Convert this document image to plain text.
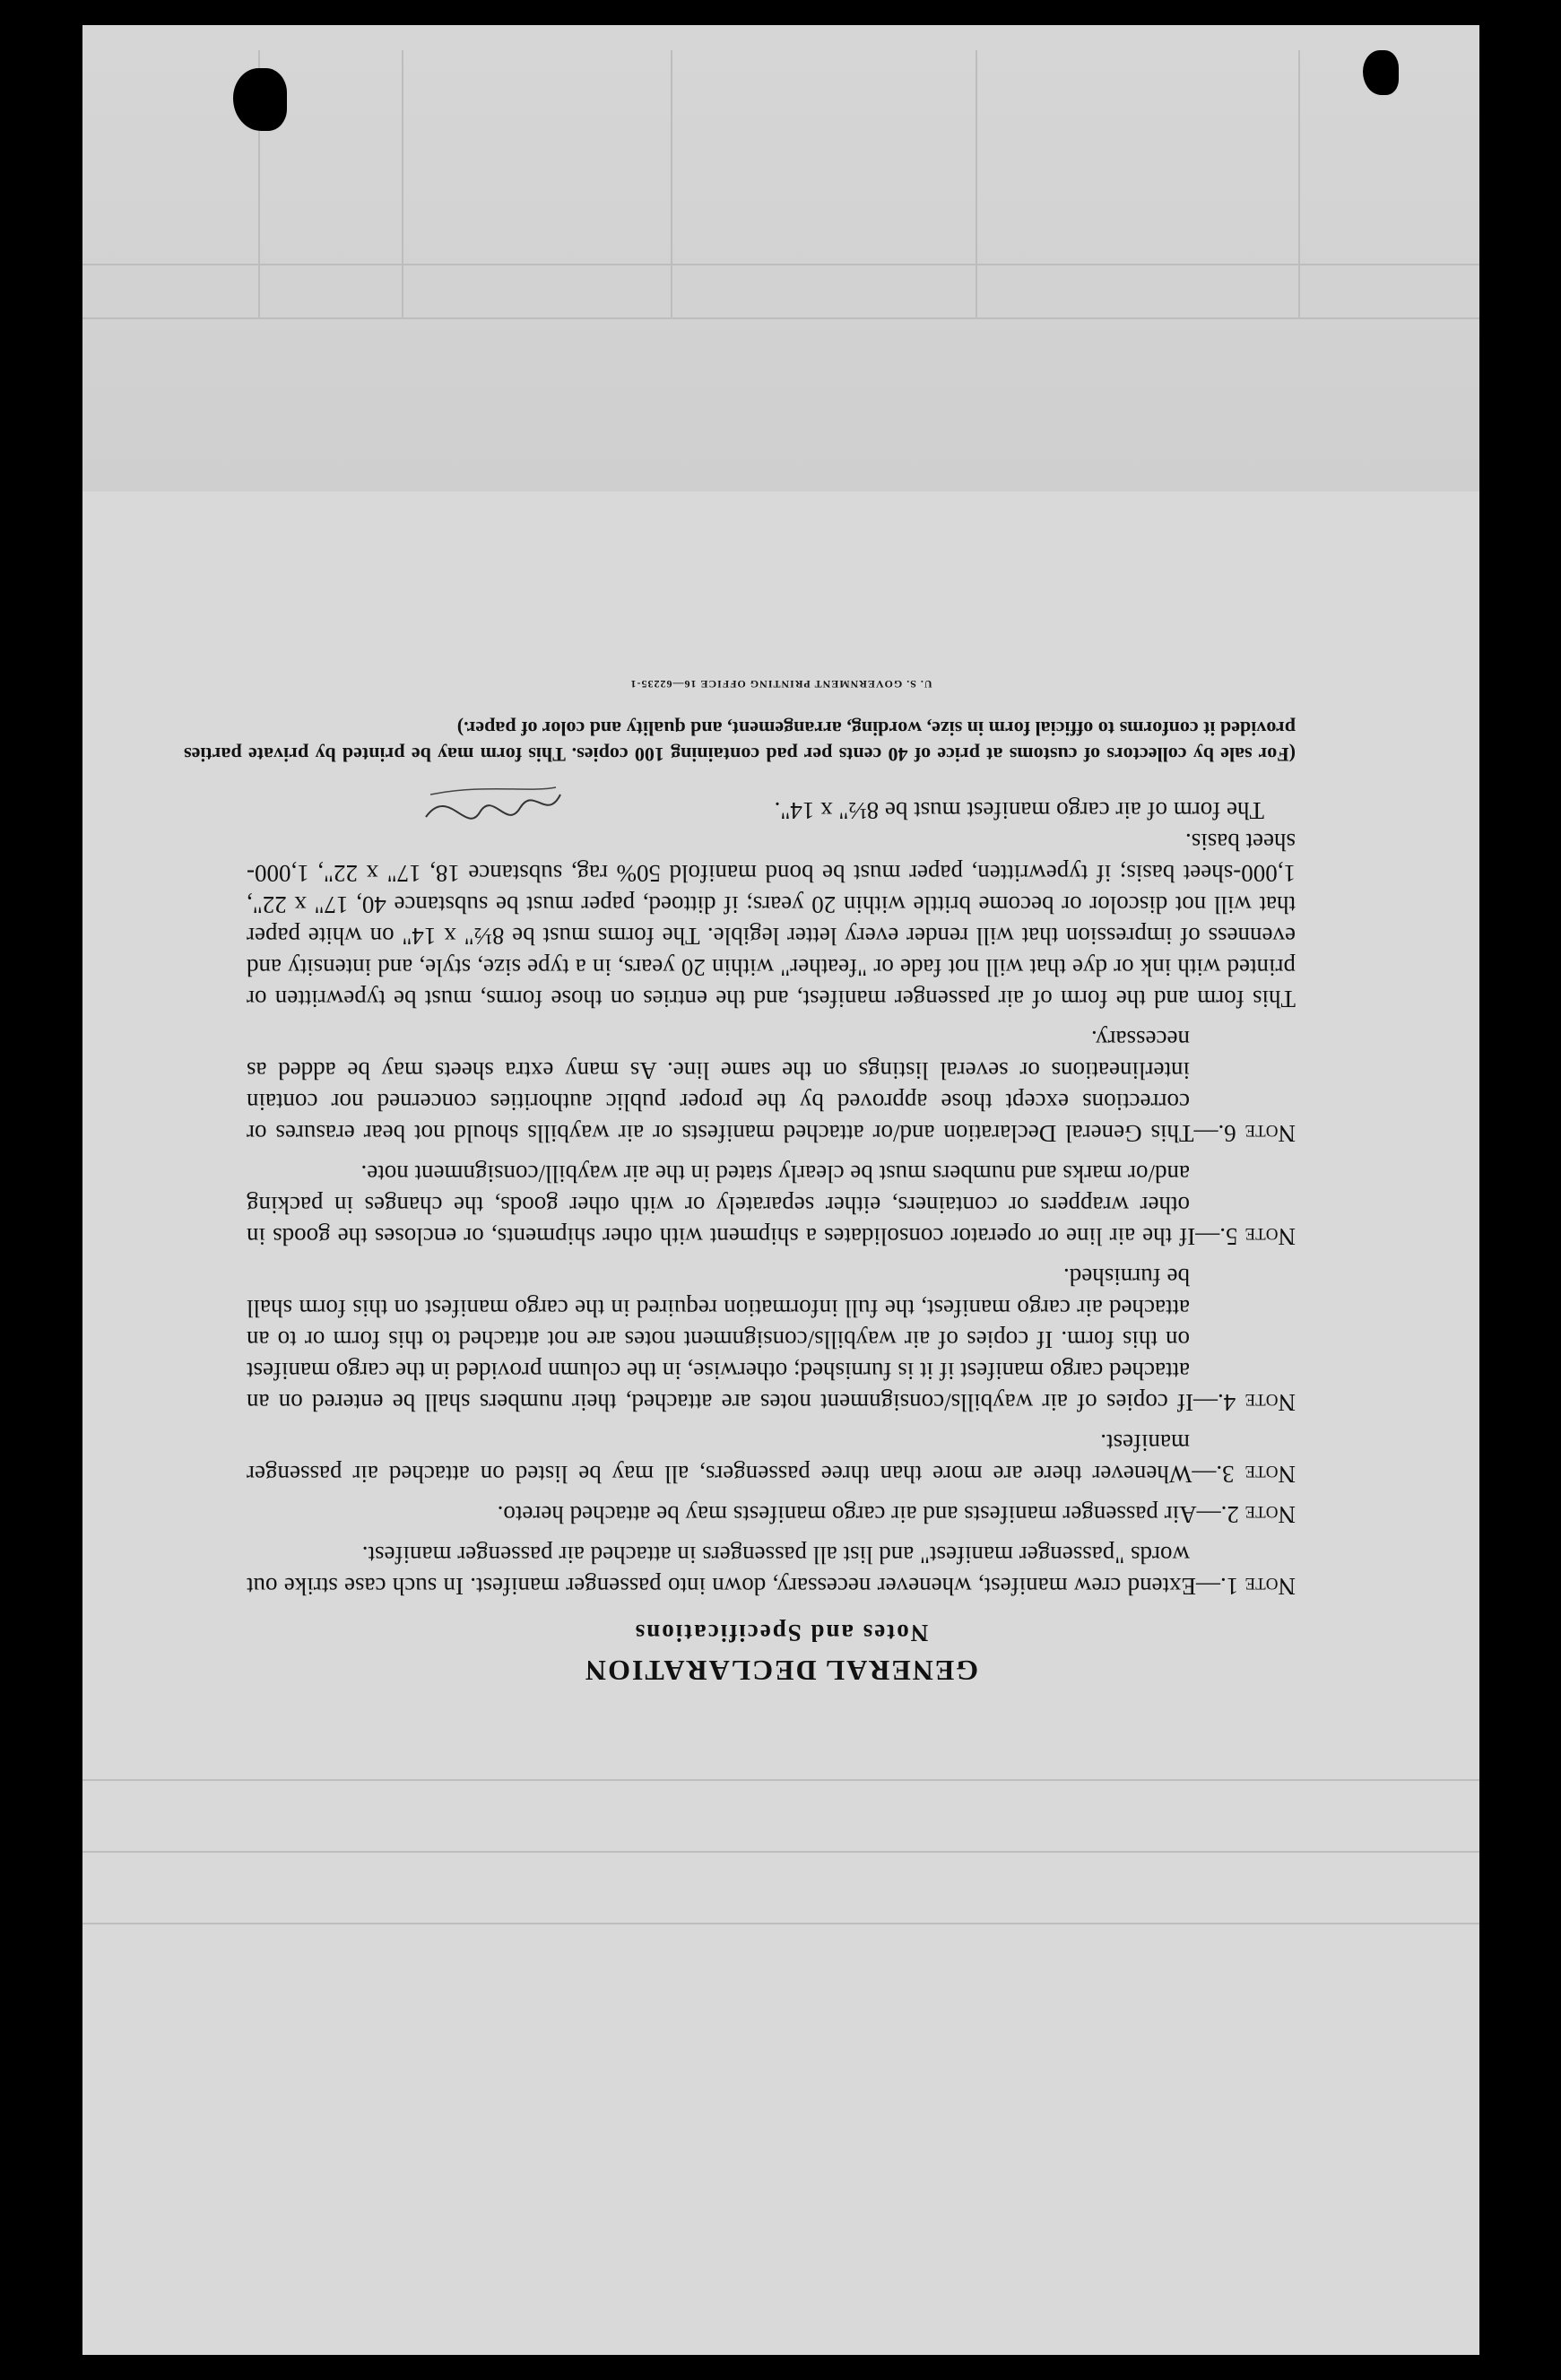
GENERAL DECLARATION
Notes and Specifications

Note 1.—Extend crew manifest, whenever necessary, down into passenger manifest. In such case strike out words "passenger manifest" and list all passengers in attached air passenger manifest.

Note 2.—Air passenger manifests and air cargo manifests may be attached hereto.

Note 3.—Whenever there are more than three passengers, all may be listed on attached air passenger manifest.

Note 4.—If copies of air waybills/consignment notes are attached, their numbers shall be entered on an attached cargo manifest if it is furnished; otherwise, in the column provided in the cargo manifest on this form. If copies of air waybills/consignment notes are not attached to this form or to an attached air cargo manifest, the full information required in the cargo manifest on this form shall be furnished.

Note 5.—If the air line or operator consolidates a shipment with other shipments, or encloses the goods in other wrappers or containers, either separately or with other goods, the changes in packing and/or marks and numbers must be clearly stated in the air waybill/consignment note.

Note 6.—This General Declaration and/or attached manifests or air waybills should not bear erasures or corrections except those approved by the proper public authorities concerned nor contain interlineations or several listings on the same line. As many extra sheets may be added as necessary.

This form and the form of air passenger manifest, and the entries on those forms, must be typewritten or printed with ink or dye that will not fade or "feather" within 20 years, in a type size, style, and intensity and evenness of impression that will render every letter legible. The forms must be 8½" x 14" on white paper that will not discolor or become brittle within 20 years; if dittoed, paper must be substance 40, 17" x 22", 1,000-sheet basis; if typewritten, paper must be bond manifold 50% rag, substance 18, 17" x 22", 1,000-sheet basis.

The form of air cargo manifest must be 8½" x 14".

(For sale by collectors of customs at price of 40 cents per pad containing 100 copies. This form may be printed by private parties provided it conforms to official form in size, wording, arrangement, and quality and color of paper.)
U. S. GOVERNMENT PRINTING OFFICE 16—62235-1
